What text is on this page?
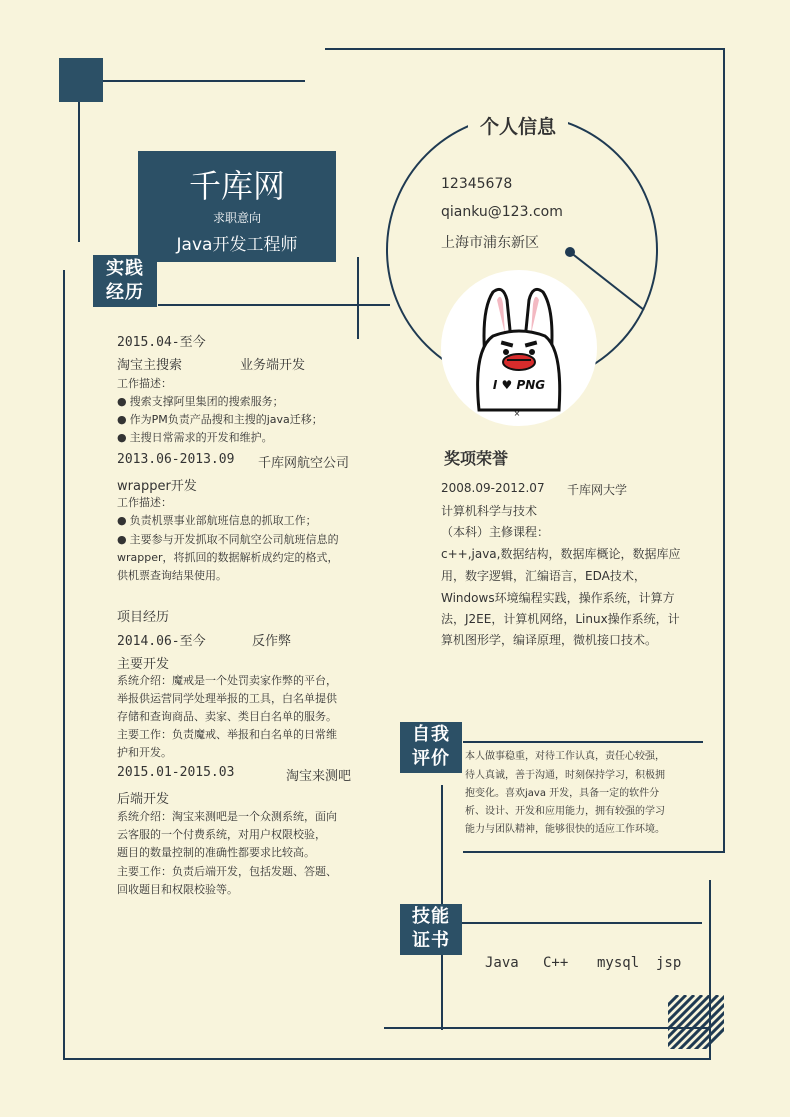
千库网
求职意向
Java开发工程师
个人信息
12345678
qianku@123.com
上海市浦东新区
×
I ♥ PNG
实践
经历
自我
评价
技能
证书
2015.04-至今
淘宝主搜索	业务端开发
工作描述：
● 搜索支撑阿里集团的搜索服务；
● 作为PM负责产品搜和主搜的java迁移；
● 主搜日常需求的开发和维护。
2013.06-2013.09 千库网航空公司
wrapper开发
工作描述：
● 负责机票事业部航班信息的抓取工作；
● 主要参与开发抓取不同航空公司航班信息的
wrapper，将抓回的数据解析成约定的格式，
供机票查询结果使用。
项目经历
2014.06-至今	反作弊
主要开发
系统介绍：魔戒是一个处罚卖家作弊的平台，
举报供运营同学处理举报的工具，白名单提供
存储和查询商品、卖家、类目白名单的服务。
主要工作：负责魔戒、举报和白名单的日常维
护和开发。
2015.01-2015.03	淘宝来测吧
后端开发
系统介绍：淘宝来测吧是一个众测系统，面向
云客服的一个付费系统，对用户权限校验，
题目的数量控制的准确性都要求比较高。
主要工作：负责后端开发，包括发题、答题、
回收题目和权限校验等。
奖项荣誉
2008.09-2012.07 千库网大学
计算机科学与技术
（本科）主修课程：
c++,java,数据结构，数据库概论，数据库应
用，数字逻辑，汇编语言，EDA技术，
Windows环境编程实践，操作系统，计算方
法，J2EE，计算机网络，Linux操作系统，计
算机图形学，编译原理，微机接口技术。
本人做事稳重，对待工作认真，责任心较强，
待人真诚，善于沟通，时刻保持学习，积极拥
抱变化。喜欢java 开发，具备一定的软件分
析、设计、开发和应用能力，拥有较强的学习
能力与团队精神，能够很快的适应工作环境。
Java C++ mysql jsp
